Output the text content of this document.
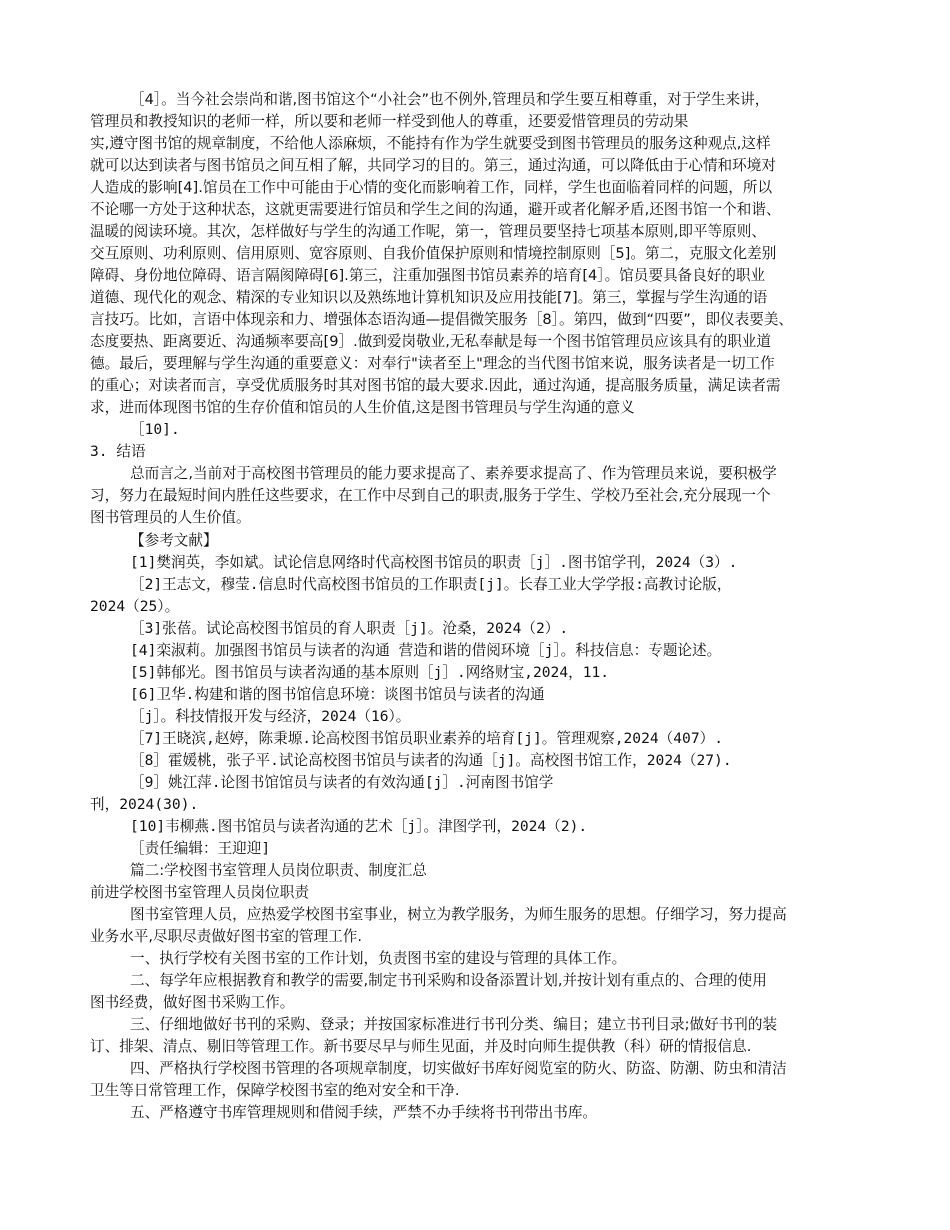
［4］。当今社会崇尚和谐,图书馆这个“小社会”也不例外,管理员和学生要互相尊重，对于学生来讲，
管理员和教授知识的老师一样，所以要和老师一样受到他人的尊重，还要爱惜管理员的劳动果
实,遵守图书馆的规章制度，不给他人添麻烦，不能持有作为学生就要受到图书管理员的服务这种观点,这样
就可以达到读者与图书馆员之间互相了解，共同学习的目的。第三，通过沟通，可以降低由于心情和环境对
人造成的影响[4].馆员在工作中可能由于心情的变化而影响着工作，同样，学生也面临着同样的问题，所以
不论哪一方处于这种状态，这就更需要进行馆员和学生之间的沟通，避开或者化解矛盾,还图书馆一个和谐、
温暖的阅读环境。其次，怎样做好与学生的沟通工作呢，第一，管理员要坚持七项基本原则,即平等原则、
交互原则、功利原则、信用原则、宽容原则、自我价值保护原则和情境控制原则［5]。第二，克服文化差别
障碍、身份地位障碍、语言隔阂障碍[6].第三，注重加强图书馆员素养的培育[4］。馆员要具备良好的职业
道德、现代化的观念、精深的专业知识以及熟练地计算机知识及应用技能[7]。第三，掌握与学生沟通的语
言技巧。比如，言语中体现亲和力、增强体态语沟通—提倡微笑服务［8］。第四，做到“四要”，即仪表要美、
态度要热、距离要近、沟通频率要高[9］.做到爱岗敬业,无私奉献是每一个图书馆管理员应该具有的职业道
德。最后，要理解与学生沟通的重要意义：对奉行"读者至上"理念的当代图书馆来说，服务读者是一切工作
的重心；对读者而言，享受优质服务时其对图书馆的最大要求.因此，通过沟通，提高服务质量，满足读者需
求，进而体现图书馆的生存价值和馆员的人生价值,这是图书管理员与学生沟通的意义
［10].
3. 结语
总而言之,当前对于高校图书管理员的能力要求提高了、素养要求提高了、作为管理员来说，要积极学
习，努力在最短时间内胜任这些要求，在工作中尽到自己的职责,服务于学生、学校乃至社会,充分展现一个
图书管理员的人生价值。
【参考文献】
[1]樊润英，李如斌。试论信息网络时代高校图书馆员的职责［j］.图书馆学刊，2024（3）.
［2]王志文，穆莹.信息时代高校图书馆员的工作职责[j]。长春工业大学学报:高教讨论版，
2024（25）。
［3]张蓓。试论高校图书馆员的育人职责［j]。沧桑，2024（2）.
[4]栾淑莉。加强图书馆员与读者的沟通 营造和谐的借阅环境［j］。科技信息：专题论述。
[5]韩郁光。图书馆员与读者沟通的基本原则［j］.网络财宝,2024，11.
[6]卫华.构建和谐的图书馆信息环境：谈图书馆员与读者的沟通
［j］。科技情报开发与经济，2024（16）。
［7]王晓滨,赵婷，陈秉塬.论高校图书馆员职业素养的培育[j]。管理观察,2024（407）.
［8］霍媛桃，张子平.试论高校图书馆员与读者的沟通［j]。高校图书馆工作，2024（27).
［9］姚江萍.论图书馆馆员与读者的有效沟通[j］.河南图书馆学
刊，2024(30).
[10]韦柳燕.图书馆员与读者沟通的艺术［j］。津图学刊，2024（2).
［责任编辑：王迎迎]
篇二:学校图书室管理人员岗位职责、制度汇总
前进学校图书室管理人员岗位职责
图书室管理人员，应热爱学校图书室事业，树立为教学服务，为师生服务的思想。仔细学习，努力提高
业务水平,尽职尽责做好图书室的管理工作.
一、执行学校有关图书室的工作计划，负责图书室的建设与管理的具体工作。
二、每学年应根据教育和教学的需要,制定书刊采购和设备添置计划,并按计划有重点的、合理的使用
图书经费，做好图书采购工作。
三、仔细地做好书刊的采购、登录；并按国家标准进行书刊分类、编目；建立书刊目录;做好书刊的装
订、排架、清点、剔旧等管理工作。新书要尽早与师生见面，并及时向师生提供教（科）研的情报信息.
四、严格执行学校图书管理的各项规章制度，切实做好书库好阅览室的防火、防盗、防潮、防虫和清洁
卫生等日常管理工作，保障学校图书室的绝对安全和干净.
五、严格遵守书库管理规则和借阅手续，严禁不办手续将书刊带出书库。
